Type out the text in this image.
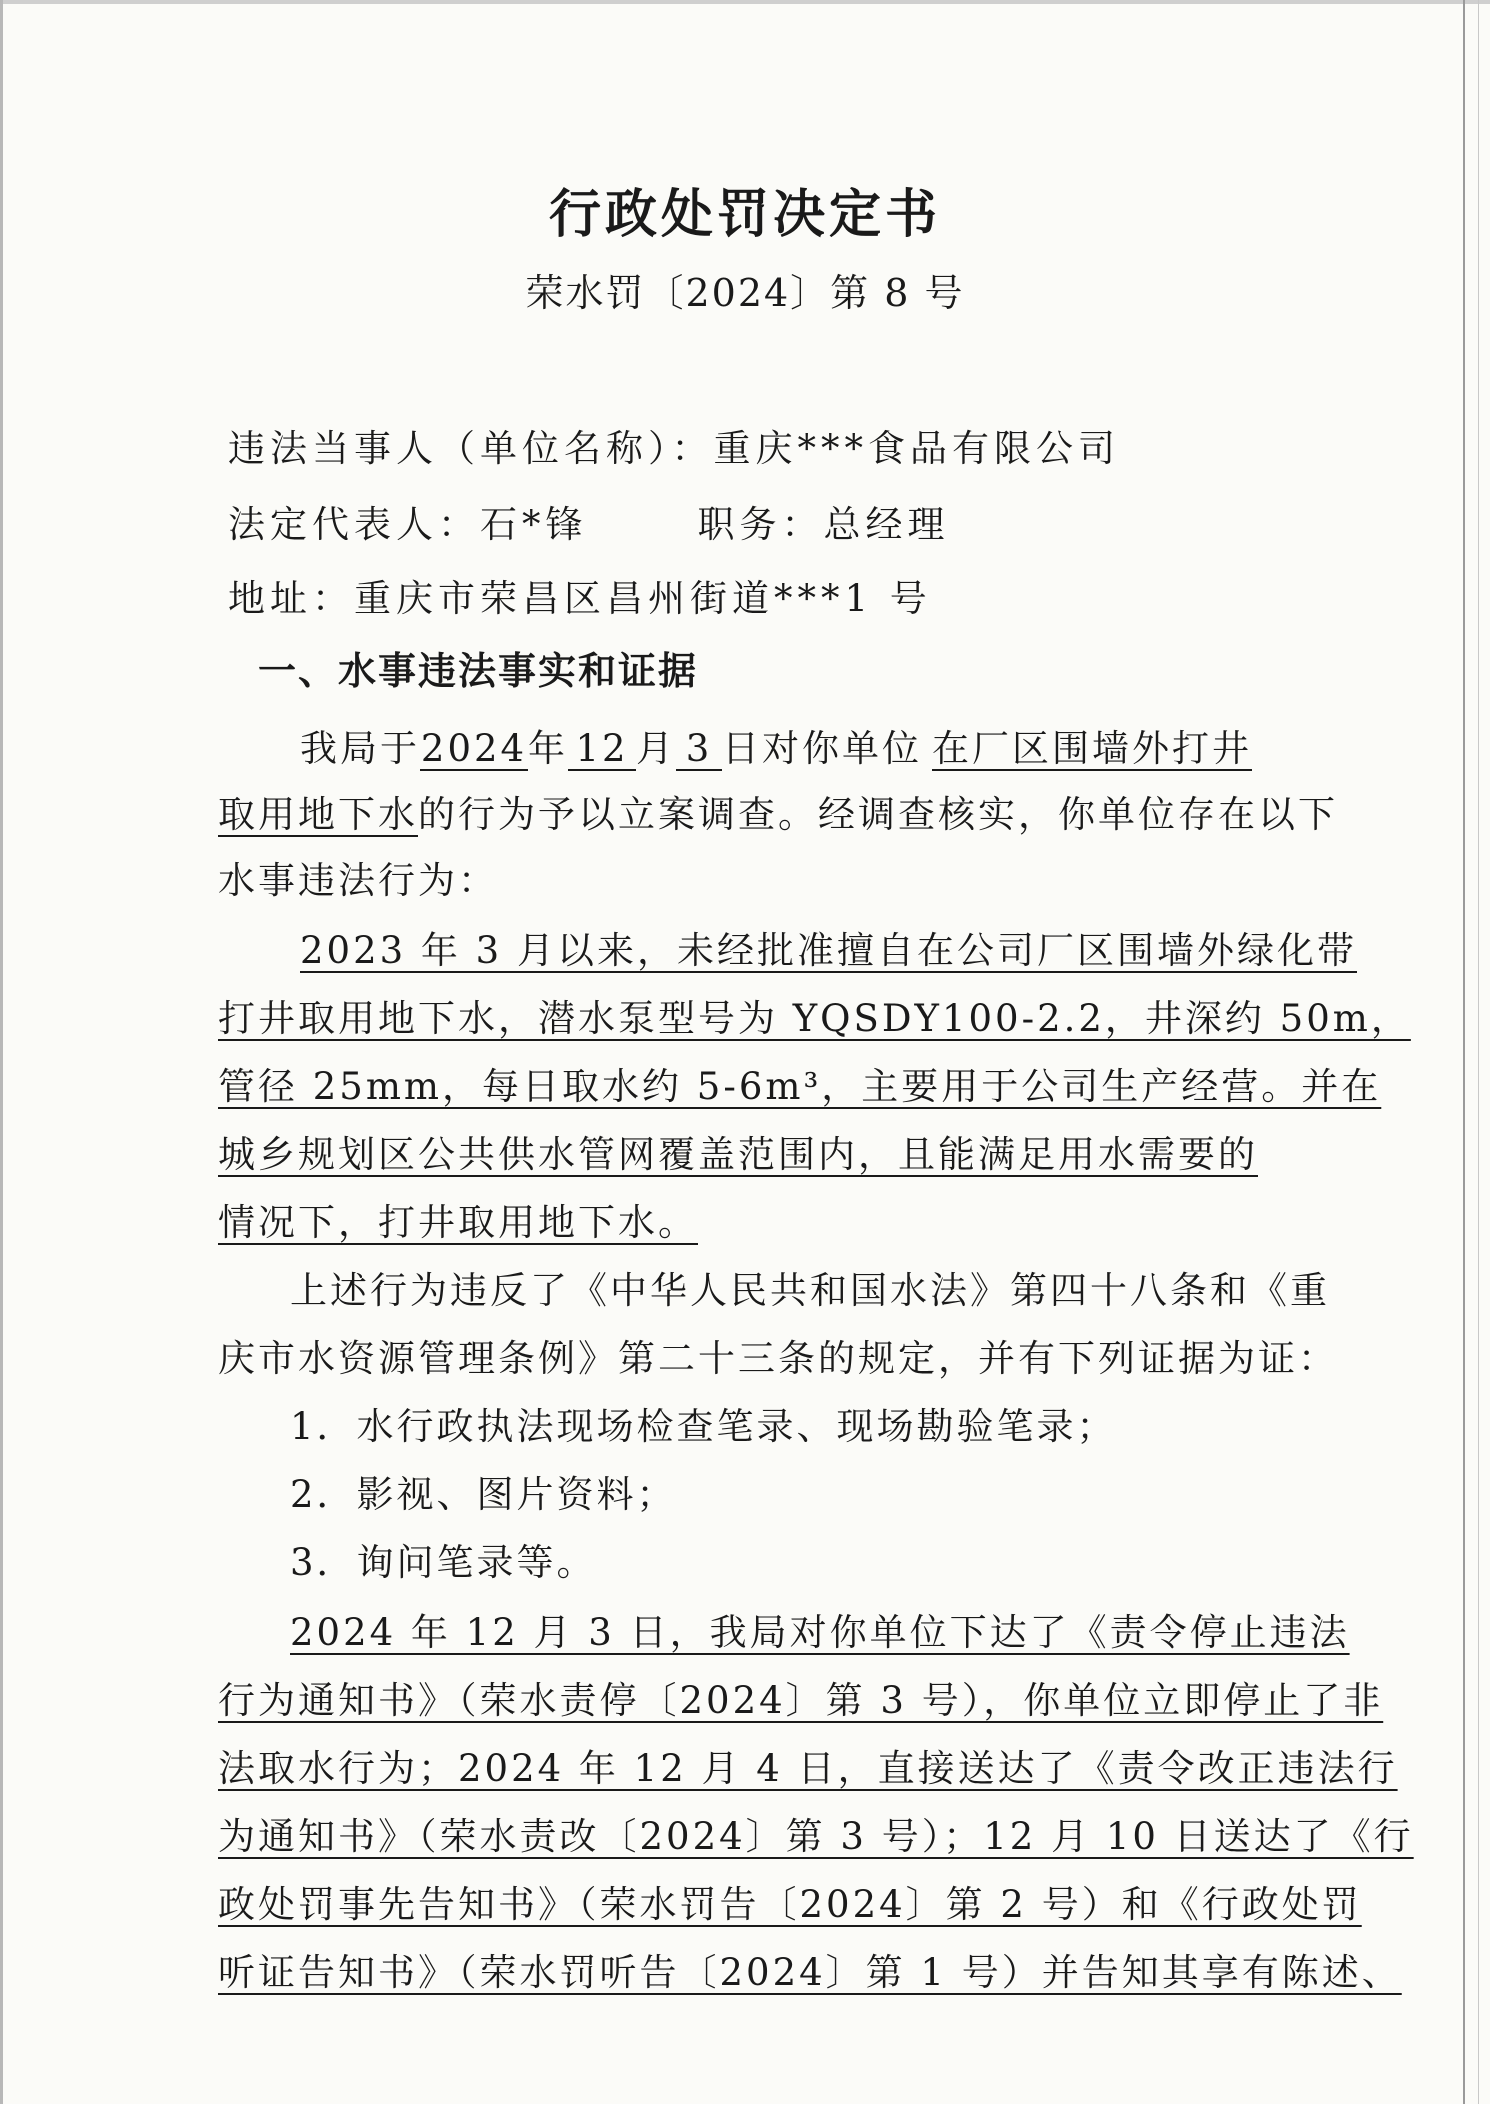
行政处罚决定书
荣水罚〔2024〕第 8 号
违法当事人（单位名称）：重庆***食品有限公司
法定代表人：石*锋	职务：总经理
地址：重庆市荣昌区昌州街道***1 号
一、水事违法事实和证据
我局于2024年 12 月 3 日对你单位 在厂区围墙外打井
取用地下水的行为予以立案调查。经调查核实，你单位存在以下
水事违法行为：
2023 年 3 月以来，未经批准擅自在公司厂区围墙外绿化带
打井取用地下水，潜水泵型号为 YQSDY100-2.2，井深约 50m，
管径 25mm，每日取水约 5-6m³，主要用于公司生产经营。并在
城乡规划区公共供水管网覆盖范围内，且能满足用水需要的
情况下，打井取用地下水。
上述行为违反了《中华人民共和国水法》第四十八条和《重
庆市水资源管理条例》第二十三条的规定，并有下列证据为证：
1．水行政执法现场检查笔录、现场勘验笔录；
2．影视、图片资料；
3．询问笔录等。
2024 年 12 月 3 日，我局对你单位下达了《责令停止违法
行为通知书》（荣水责停〔2024〕第 3 号），你单位立即停止了非
法取水行为；2024 年 12 月 4 日，直接送达了《责令改正违法行
为通知书》（荣水责改〔2024〕第 3 号）；12 月 10 日送达了《行
政处罚事先告知书》（荣水罚告〔2024〕第 2 号）和《行政处罚
听证告知书》（荣水罚听告〔2024〕第 1 号）并告知其享有陈述、
